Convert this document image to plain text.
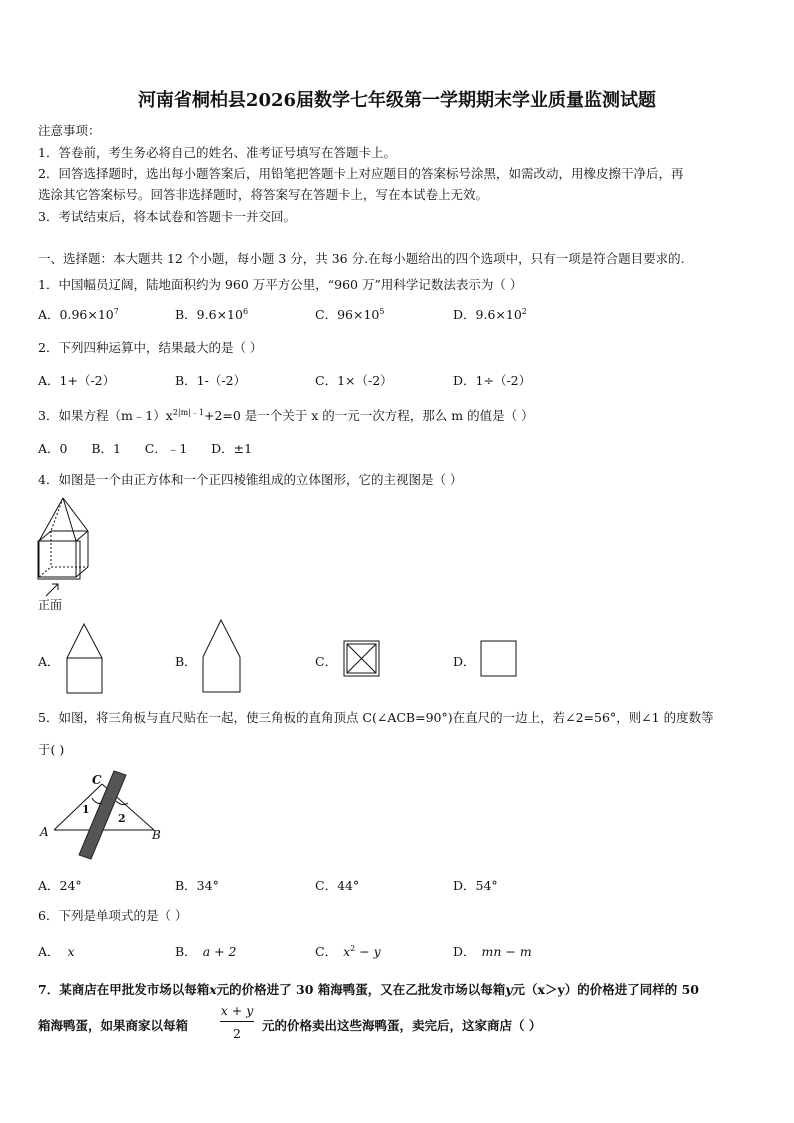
河南省桐柏县2026届数学七年级第一学期期末学业质量监测试题
注意事项：
1．答卷前，考生务必将自己的姓名、准考证号填写在答题卡上。
2．回答选择题时，选出每小题答案后，用铅笔把答题卡上对应题目的答案标号涂黑，如需改动，用橡皮擦干净后，再
选涂其它答案标号。回答非选择题时，将答案写在答题卡上，写在本试卷上无效。
3．考试结束后，将本试卷和答题卡一并交回。
一、选择题：本大题共 12 个小题，每小题 3 分，共 36 分.在每小题给出的四个选项中，只有一项是符合题目要求的.
1．中国幅员辽阔，陆地面积约为 960 万平方公里，“960 万”用科学记数法表示为（ ）
A．$0.96\times 10^7$	B．$9.6\times 10^6$	C．$96\times 10^5$	D．$9.6\times 10^2$
2．下列四种运算中，结果最大的是（ ）
A．1+（-2）	B．1-（-2）	C．1×（-2）	D．1÷（-2）
3．如果方程$(m﹣1)x^{2|m|﹣1}+2=0$ 是一个关于 x 的一元一次方程，那么 m 的值是（ ）
A．0      B．1      C．﹣1      D．±1
4．如图是一个由正方体和一个正四棱锥组成的立体图形，它的主视图是（ ）
正面
A．	B．	C．	D．
5．如图，将三角板与直尺贴在一起，使三角板的直角顶点 C(∠ACB=90°)在直尺的一边上，若∠2=56°，则∠1 的度数等
于( )
C
A	B
1
2
A．24°	B．34°	C．44°	D．54°
6．下列是单项式的是（ ）
A． x	B． a + 2	C． $x^2 - y$	D． mn − m
7．某商店在甲批发市场以每箱x元的价格进了 30 箱海鸭蛋，又在乙批发市场以每箱y元（x＞y）的价格进了同样的 50
箱海鸭蛋，如果商家以每箱
x + y
2
元的价格卖出这些海鸭蛋，卖完后，这家商店（ ）
